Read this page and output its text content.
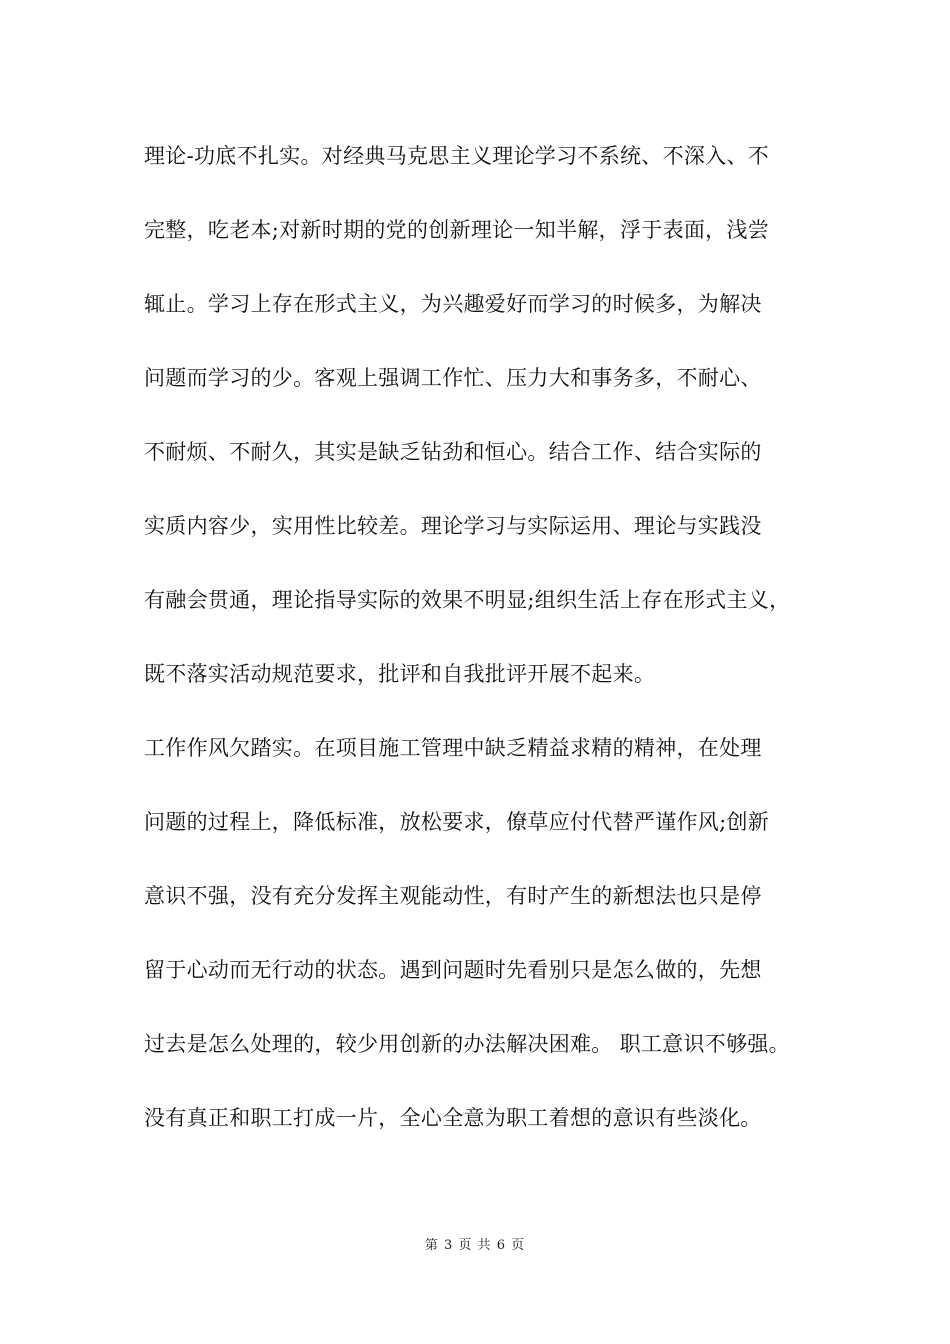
理论-功底不扎实。对经典马克思主义理论学习不系统、不深入、不
完整，吃老本;对新时期的党的创新理论一知半解，浮于表面，浅尝
辄止。学习上存在形式主义，为兴趣爱好而学习的时候多，为解决
问题而学习的少。客观上强调工作忙、压力大和事务多，不耐心、
不耐烦、不耐久，其实是缺乏钻劲和恒心。结合工作、结合实际的
实质内容少，实用性比较差。理论学习与实际运用、理论与实践没
有融会贯通，理论指导实际的效果不明显;组织生活上存在形式主义，
既不落实活动规范要求，批评和自我批评开展不起来。
工作作风欠踏实。在项目施工管理中缺乏精益求精的精神，在处理
问题的过程上，降低标准，放松要求，僚草应付代替严谨作风;创新
意识不强，没有充分发挥主观能动性，有时产生的新想法也只是停
留于心动而无行动的状态。遇到问题时先看别只是怎么做的，先想
过去是怎么处理的，较少用创新的办法解决困难。 职工意识不够强。
没有真正和职工打成一片，全心全意为职工着想的意识有些淡化。
第 3 页 共 6 页
